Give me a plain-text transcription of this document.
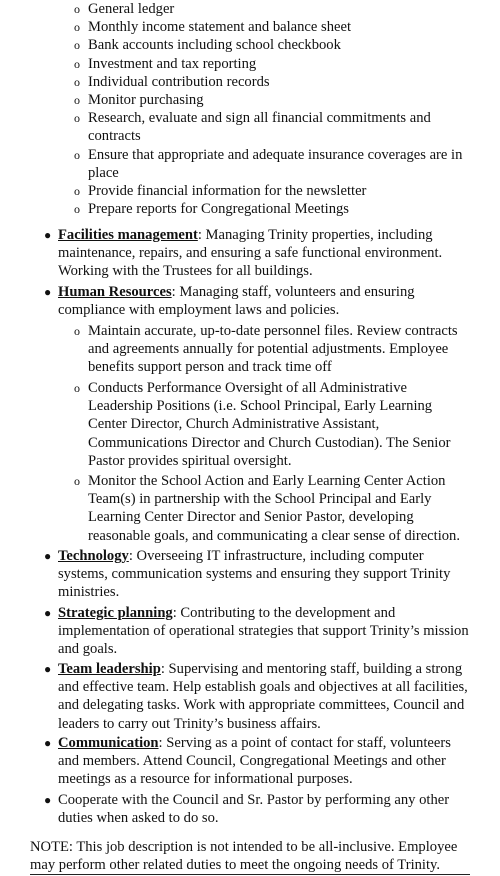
o General ledger
o Monthly income statement and balance sheet
o Bank accounts including school checkbook
o Investment and tax reporting
o Individual contribution records
o Monitor purchasing
o Research, evaluate and sign all financial commitments and contracts
o Ensure that appropriate and adequate insurance coverages are in place
o Provide financial information for the newsletter
o Prepare reports for Congregational Meetings
● Facilities management: Managing Trinity properties, including maintenance, repairs, and ensuring a safe functional environment. Working with the Trustees for all buildings.
● Human Resources: Managing staff, volunteers and ensuring compliance with employment laws and policies.
o Maintain accurate, up-to-date personnel files. Review contracts and agreements annually for potential adjustments. Employee benefits support person and track time off
o Conducts Performance Oversight of all Administrative Leadership Positions (i.e. School Principal, Early Learning Center Director, Church Administrative Assistant, Communications Director and Church Custodian). The Senior Pastor provides spiritual oversight.
o Monitor the School Action and Early Learning Center Action Team(s) in partnership with the School Principal and Early Learning Center Director and Senior Pastor, developing reasonable goals, and communicating a clear sense of direction.
● Technology: Overseeing IT infrastructure, including computer systems, communication systems and ensuring they support Trinity ministries.
● Strategic planning: Contributing to the development and implementation of operational strategies that support Trinity’s mission and goals.
● Team leadership: Supervising and mentoring staff, building a strong and effective team. Help establish goals and objectives at all facilities, and delegating tasks. Work with appropriate committees, Council and leaders to carry out Trinity’s business affairs.
● Communication: Serving as a point of contact for staff, volunteers and members. Attend Council, Congregational Meetings and other meetings as a resource for informational purposes.
● Cooperate with the Council and Sr. Pastor by performing any other duties when asked to do so.
NOTE: This job description is not intended to be all-inclusive. Employee may perform other related duties to meet the ongoing needs of Trinity.
